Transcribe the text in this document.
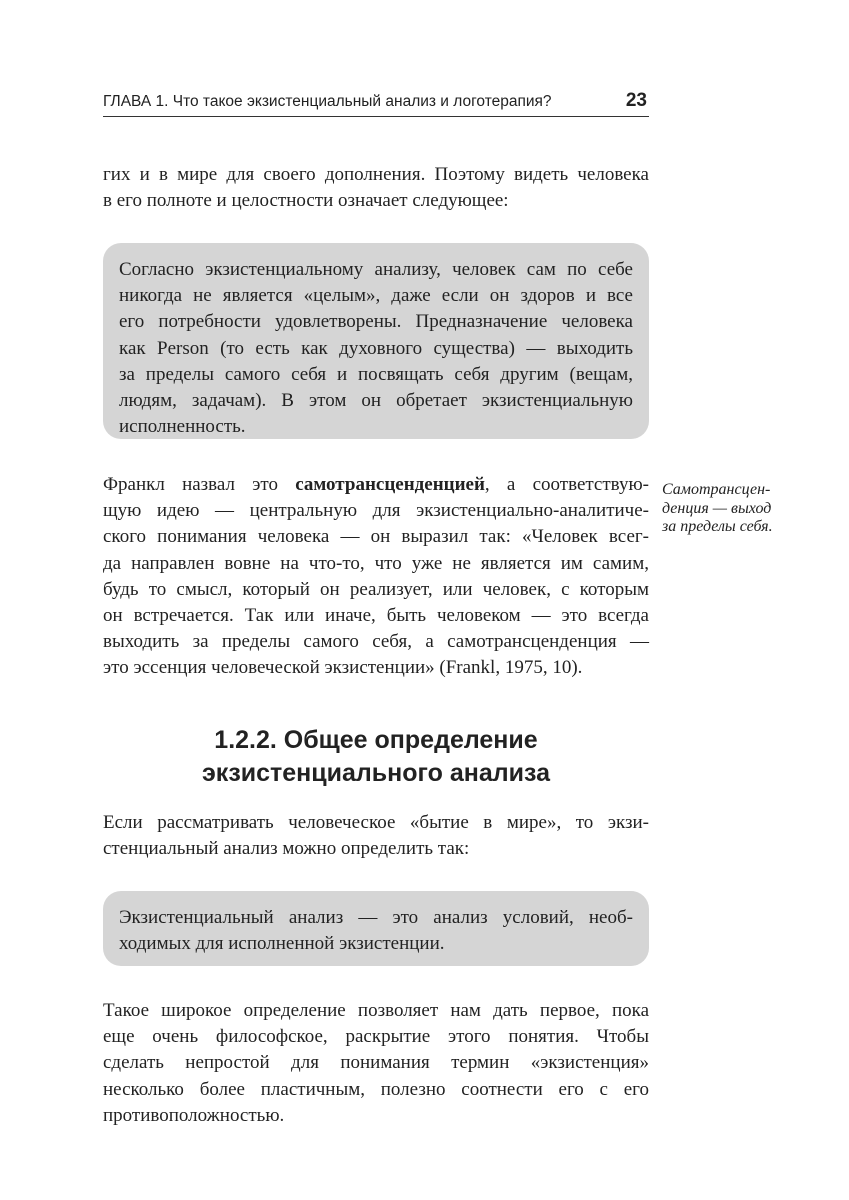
ГЛАВА 1. Что такое экзистенциальный анализ и логотерапия?	23
гих и в мире для своего дополнения. Поэтому видеть человека
в его полноте и целостности означает следующее:
Согласно экзистенциальному анализу, человек сам по себе
никогда не является «целым», даже если он здоров и все
его потребности удовлетворены. Предназначение человека
как Person (то есть как духовного существа) — выходить
за пределы самого себя и посвящать себя другим (вещам,
людям, задачам). В этом он обретает экзистенциальную
исполненность.
Франкл назвал это самотрансценденцией, а соответствую-
щую идею — центральную для экзистенциально-аналитиче-
ского понимания человека — он выразил так: «Человек всег-
да направлен вовне на что-то, что уже не является им самим,
будь то смысл, который он реализует, или человек, с которым
он встречается. Так или иначе, быть человеком — это всегда
выходить за пределы самого себя, а самотрансценденция —
это эссенция человеческой экзистенции» (Frankl, 1975, 10).
Самотрансцен-
денция — выход
за пределы себя.
1.2.2. Общее определение
экзистенциального анализа
Если рассматривать человеческое «бытие в мире», то экзи-
стенциальный анализ можно определить так:
Экзистенциальный анализ — это анализ условий, необ-
ходимых для исполненной экзистенции.
Такое широкое определение позволяет нам дать первое, пока
еще очень философское, раскрытие этого понятия. Чтобы
сделать непростой для понимания термин «экзистенция»
несколько более пластичным, полезно соотнести его с его
противоположностью.
